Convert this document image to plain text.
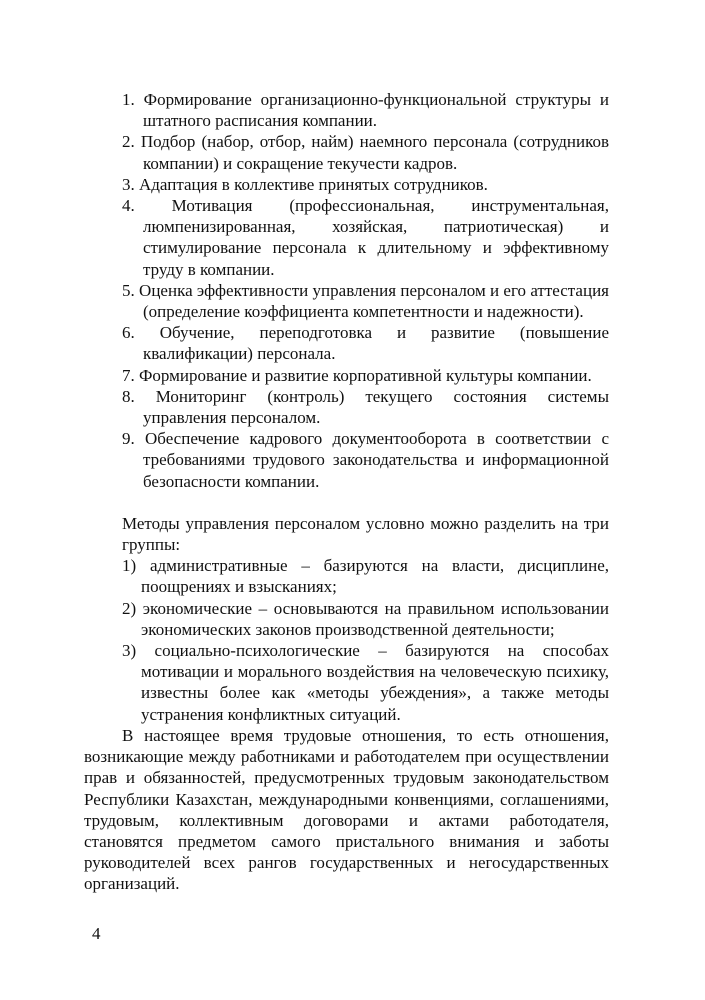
1. Формирование организационно-функциональной структуры и штатного расписания компании.
2. Подбор (набор, отбор, найм) наемного персонала (сотрудников компании) и сокращение текучести кадров.
3. Адаптация в коллективе принятых сотрудников.
4. Мотивация (профессиональная, инструментальная, люмпенизированная, хозяйская, патриотическая) и стимулирование персонала к длительному и эффективному труду в компании.
5. Оценка эффективности управления персоналом и его аттестация (определение коэффициента компетентности и надежности).
6. Обучение, переподготовка и развитие (повышение квалификации) персонала.
7. Формирование и развитие корпоративной культуры компании.
8. Мониторинг (контроль) текущего состояния системы управления персоналом.
9. Обеспечение кадрового документооборота в соответствии с требованиями трудового законодательства и информационной безопасности компании.
Методы управления персоналом условно можно разделить на три группы:
1) административные – базируются на власти, дисциплине, поощрениях и взысканиях;
2) экономические – основываются на правильном использовании экономических законов производственной деятельности;
3) социально-психологические – базируются на способах мотивации и морального воздействия на человеческую психику, известны более как «методы убеждения», а также методы устранения конфликтных ситуаций.
В настоящее время трудовые отношения, то есть отношения, возникающие между работниками и работодателем при осуществлении прав и обязанностей, предусмотренных трудовым законодательством Республики Казахстан, международными конвенциями, соглашениями, трудовым, коллективным договорами и актами работодателя, становятся предметом самого пристального внимания и заботы руководителей всех рангов государственных и негосударственных организаций.
4
